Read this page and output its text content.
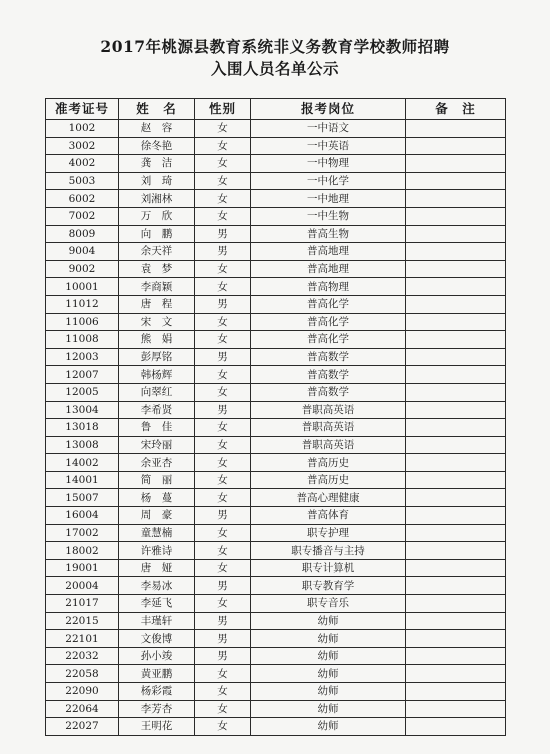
2017年桃源县教育系统非义务教育学校教师招聘
入围人员名单公示
准考证号	姓　名	性别	报考岗位	备　注
1002	赵　容	女	一中语文	
3002	徐冬艳	女	一中英语	
4002	龚　洁	女	一中物理	
5003	刘　琦	女	一中化学	
6002	刘湘林	女	一中地理	
7002	万　欣	女	一中生物	
8009	向　鹏	男	普高生物	
9004	余天祥	男	普高地理	
9002	袁　梦	女	普高地理	
10001	李商颖	女	普高物理	
11012	唐　程	男	普高化学	
11006	宋　文	女	普高化学	
11008	熊　娟	女	普高化学	
12003	彭厚铭	男	普高数学	
12007	韩杨辉	女	普高数学	
12005	向翠红	女	普高数学	
13004	李希贤	男	普职高英语	
13018	鲁　佳	女	普职高英语	
13008	宋玲丽	女	普职高英语	
14002	余亚杏	女	普高历史	
14001	简　丽	女	普高历史	
15007	杨　蔓	女	普高心理健康	
16004	周　豪	男	普高体育	
17002	童慧楠	女	职专护理	
18002	许雅诗	女	职专播音与主持	
19001	唐　娅	女	职专计算机	
20004	李易冰	男	职专教育学	
21017	李延飞	女	职专音乐	
22015	丰瑾轩	男	幼师	
22101	文俊博	男	幼师	
22032	孙小竣	男	幼师	
22058	黄亚鹏	女	幼师	
22090	杨彩霞	女	幼师	
22064	李芳杏	女	幼师	
22027	王明花	女	幼师	
